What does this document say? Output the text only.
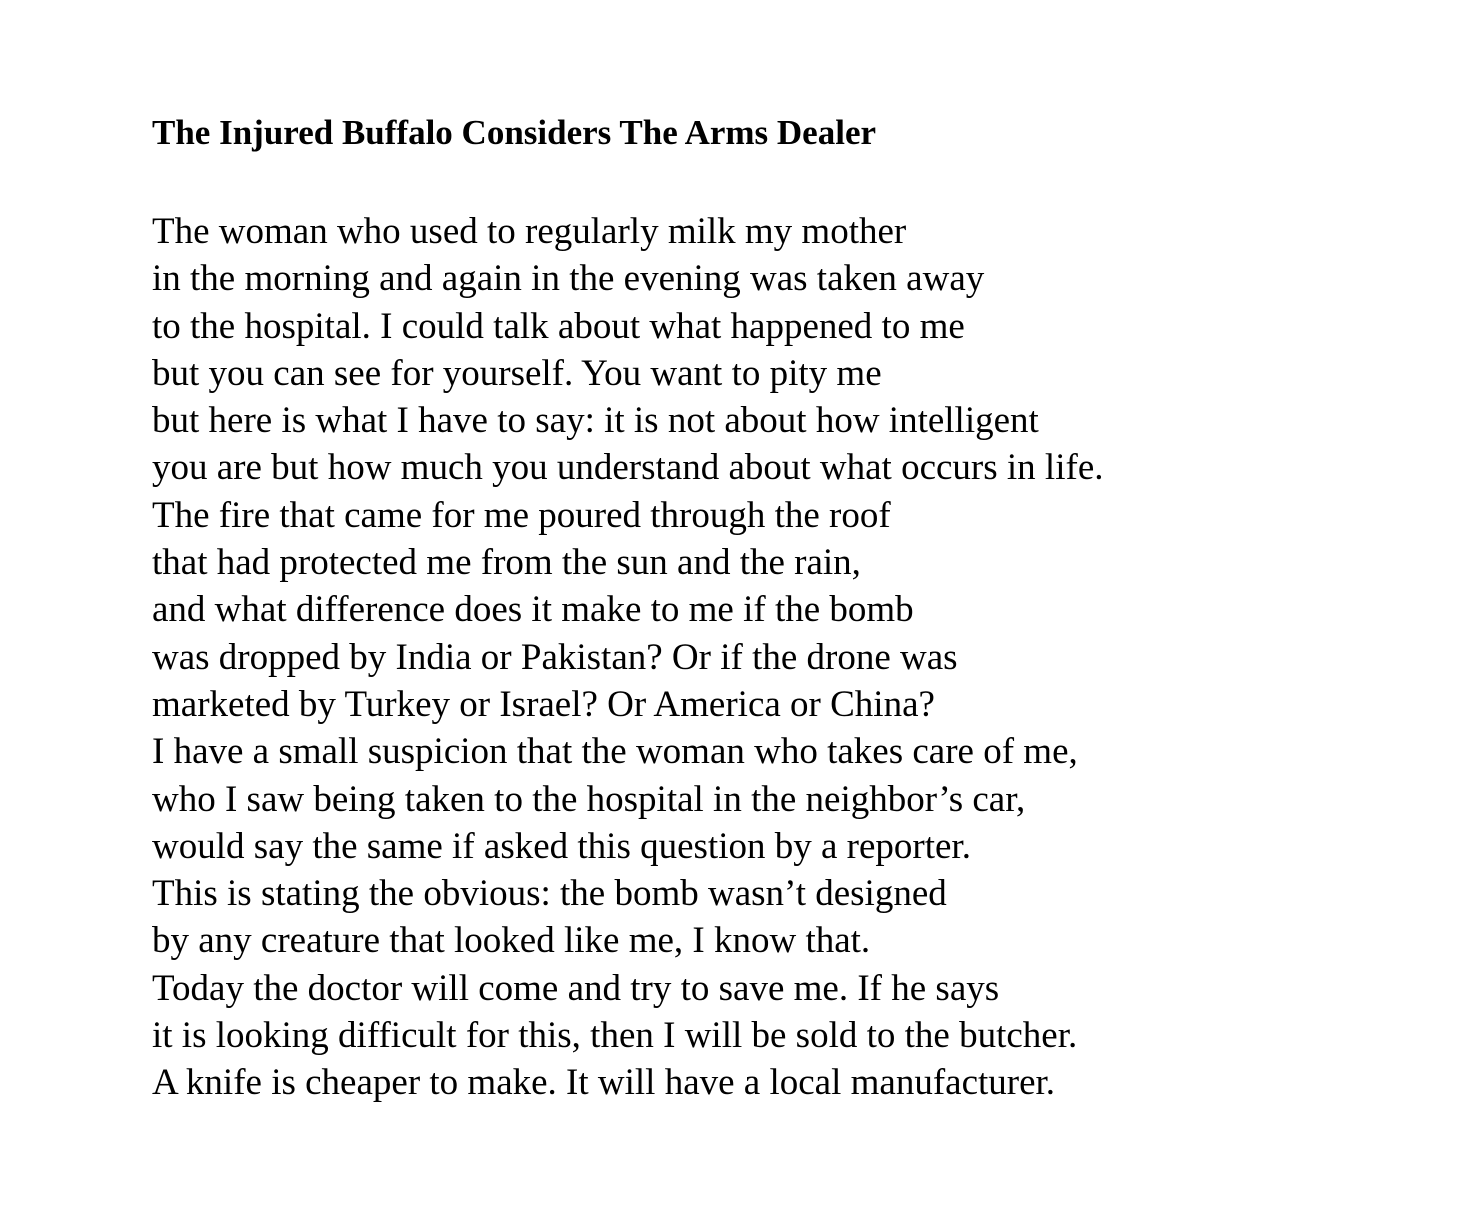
The Injured Buffalo Considers The Arms Dealer
The woman who used to regularly milk my mother
in the morning and again in the evening was taken away
to the hospital. I could talk about what happened to me
but you can see for yourself. You want to pity me
but here is what I have to say: it is not about how intelligent
you are but how much you understand about what occurs in life.
The fire that came for me poured through the roof
that had protected me from the sun and the rain,
and what difference does it make to me if the bomb
was dropped by India or Pakistan? Or if the drone was
marketed by Turkey or Israel? Or America or China?
I have a small suspicion that the woman who takes care of me,
who I saw being taken to the hospital in the neighbor’s car,
would say the same if asked this question by a reporter.
This is stating the obvious: the bomb wasn’t designed
by any creature that looked like me, I know that.
Today the doctor will come and try to save me. If he says
it is looking difficult for this, then I will be sold to the butcher.
A knife is cheaper to make. It will have a local manufacturer.
